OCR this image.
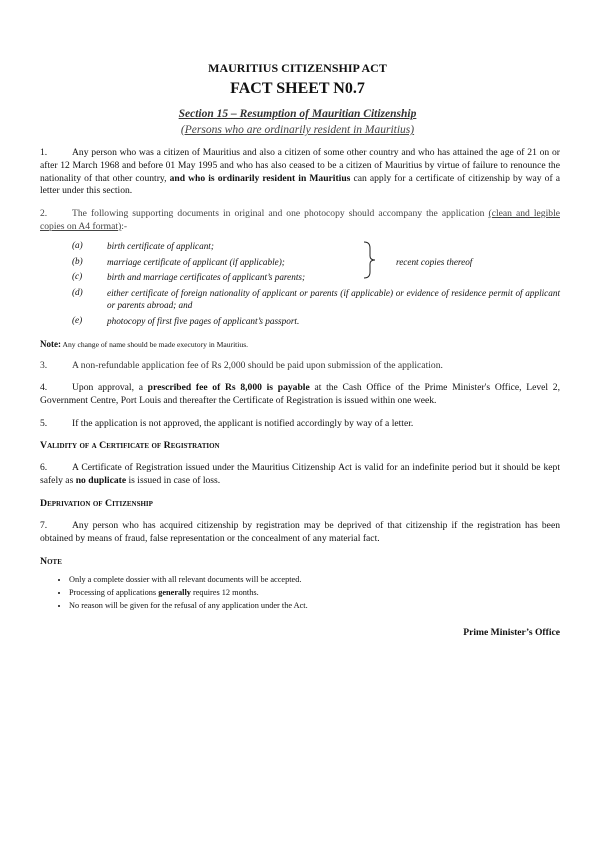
MAURITIUS CITIZENSHIP ACT
FACT SHEET N0.7
Section 15 – Resumption of Mauritian Citizenship
(Persons who are ordinarily resident in Mauritius)
1.	Any person who was a citizen of Mauritius and also a citizen of some other country and who has attained the age of 21 on or after 12 March 1968 and before 01 May 1995 and who has also ceased to be a citizen of Mauritius by virtue of failure to renounce the nationality of that other country, and who is ordinarily resident in Mauritius can apply for a certificate of citizenship by way of a letter under this section.
2.	The following supporting documents in original and one photocopy should accompany the application (clean and legible copies on A4 format):-
(a)	birth certificate of applicant;
(b)	marriage certificate of applicant (if applicable);
(c)	birth and marriage certificates of applicant’s parents;
(d)	either certificate of foreign nationality of applicant or parents (if applicable) or evidence of residence permit of applicant or parents abroad; and
(e)	photocopy of first five pages of applicant’s passport.
recent copies thereof
Note: Any change of name should be made executory in Mauritius.
3.	A non-refundable application fee of Rs 2,000 should be paid upon submission of the application.
4.	Upon approval, a prescribed fee of Rs 8,000 is payable at the Cash Office of the Prime Minister's Office, Level 2, Government Centre, Port Louis and thereafter the Certificate of Registration is issued within one week.
5.	If the application is not approved, the applicant is notified accordingly by way of a letter.
Validity of a Certificate of Registration
6.	A Certificate of Registration issued under the Mauritius Citizenship Act is valid for an indefinite period but it should be kept safely as no duplicate is issued in case of loss.
Deprivation of Citizenship
7.	Any person who has acquired citizenship by registration may be deprived of that citizenship if the registration has been obtained by means of fraud, false representation or the concealment of any material fact.
Note
• Only a complete dossier with all relevant documents will be accepted.
• Processing of applications generally requires 12 months.
• No reason will be given for the refusal of any application under the Act.
Prime Minister’s Office
